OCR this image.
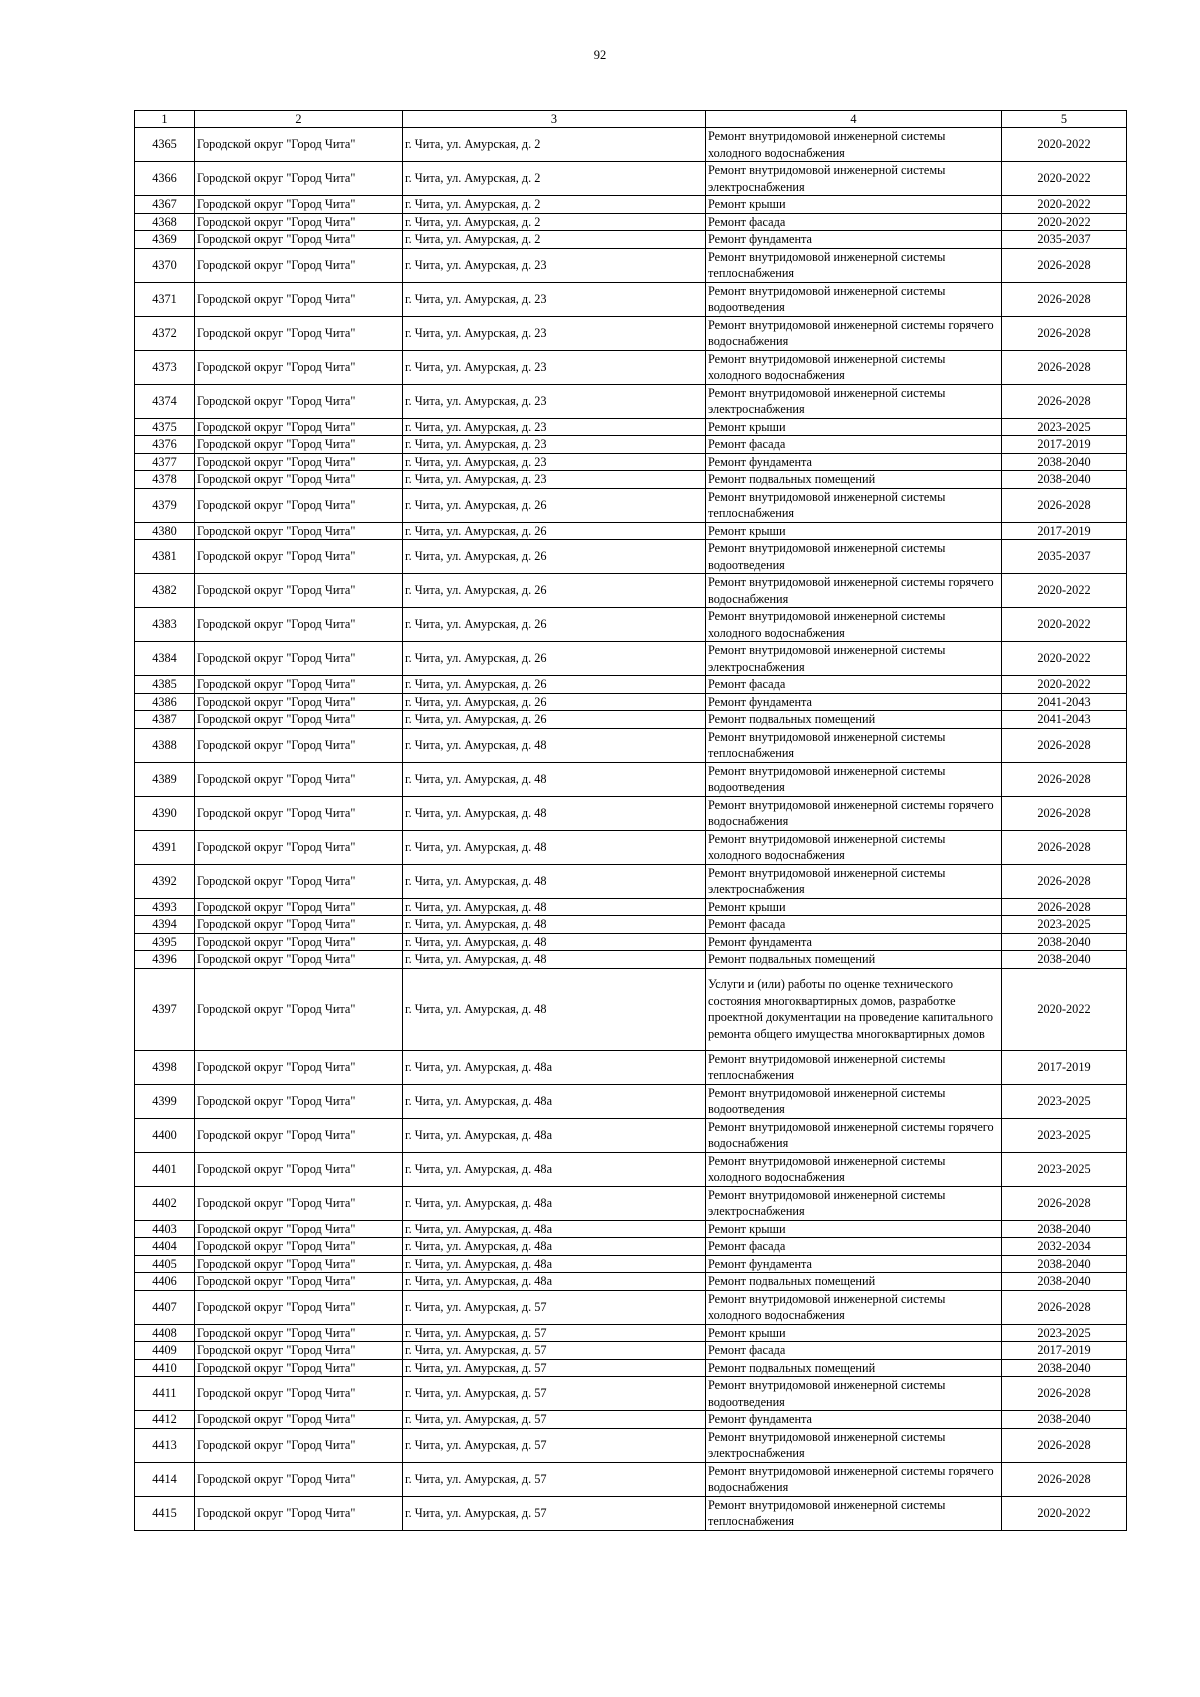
92
1	2	3	4	5
4365	Городской округ "Город Чита"	г. Чита, ул. Амурская, д. 2	Ремонт внутридомовой инженерной системы холодного водоснабжения	2020-2022
4366	Городской округ "Город Чита"	г. Чита, ул. Амурская, д. 2	Ремонт внутридомовой инженерной системы электроснабжения	2020-2022
4367	Городской округ "Город Чита"	г. Чита, ул. Амурская, д. 2	Ремонт крыши	2020-2022
4368	Городской округ "Город Чита"	г. Чита, ул. Амурская, д. 2	Ремонт фасада	2020-2022
4369	Городской округ "Город Чита"	г. Чита, ул. Амурская, д. 2	Ремонт фундамента	2035-2037
4370	Городской округ "Город Чита"	г. Чита, ул. Амурская, д. 23	Ремонт внутридомовой инженерной системы теплоснабжения	2026-2028
4371	Городской округ "Город Чита"	г. Чита, ул. Амурская, д. 23	Ремонт внутридомовой инженерной системы водоотведения	2026-2028
4372	Городской округ "Город Чита"	г. Чита, ул. Амурская, д. 23	Ремонт внутридомовой инженерной системы горячего водоснабжения	2026-2028
4373	Городской округ "Город Чита"	г. Чита, ул. Амурская, д. 23	Ремонт внутридомовой инженерной системы холодного водоснабжения	2026-2028
4374	Городской округ "Город Чита"	г. Чита, ул. Амурская, д. 23	Ремонт внутридомовой инженерной системы электроснабжения	2026-2028
4375	Городской округ "Город Чита"	г. Чита, ул. Амурская, д. 23	Ремонт крыши	2023-2025
4376	Городской округ "Город Чита"	г. Чита, ул. Амурская, д. 23	Ремонт фасада	2017-2019
4377	Городской округ "Город Чита"	г. Чита, ул. Амурская, д. 23	Ремонт фундамента	2038-2040
4378	Городской округ "Город Чита"	г. Чита, ул. Амурская, д. 23	Ремонт подвальных помещений	2038-2040
4379	Городской округ "Город Чита"	г. Чита, ул. Амурская, д. 26	Ремонт внутридомовой инженерной системы теплоснабжения	2026-2028
4380	Городской округ "Город Чита"	г. Чита, ул. Амурская, д. 26	Ремонт крыши	2017-2019
4381	Городской округ "Город Чита"	г. Чита, ул. Амурская, д. 26	Ремонт внутридомовой инженерной системы водоотведения	2035-2037
4382	Городской округ "Город Чита"	г. Чита, ул. Амурская, д. 26	Ремонт внутридомовой инженерной системы горячего водоснабжения	2020-2022
4383	Городской округ "Город Чита"	г. Чита, ул. Амурская, д. 26	Ремонт внутридомовой инженерной системы холодного водоснабжения	2020-2022
4384	Городской округ "Город Чита"	г. Чита, ул. Амурская, д. 26	Ремонт внутридомовой инженерной системы электроснабжения	2020-2022
4385	Городской округ "Город Чита"	г. Чита, ул. Амурская, д. 26	Ремонт фасада	2020-2022
4386	Городской округ "Город Чита"	г. Чита, ул. Амурская, д. 26	Ремонт фундамента	2041-2043
4387	Городской округ "Город Чита"	г. Чита, ул. Амурская, д. 26	Ремонт подвальных помещений	2041-2043
4388	Городской округ "Город Чита"	г. Чита, ул. Амурская, д. 48	Ремонт внутридомовой инженерной системы теплоснабжения	2026-2028
4389	Городской округ "Город Чита"	г. Чита, ул. Амурская, д. 48	Ремонт внутридомовой инженерной системы водоотведения	2026-2028
4390	Городской округ "Город Чита"	г. Чита, ул. Амурская, д. 48	Ремонт внутридомовой инженерной системы горячего водоснабжения	2026-2028
4391	Городской округ "Город Чита"	г. Чита, ул. Амурская, д. 48	Ремонт внутридомовой инженерной системы холодного водоснабжения	2026-2028
4392	Городской округ "Город Чита"	г. Чита, ул. Амурская, д. 48	Ремонт внутридомовой инженерной системы электроснабжения	2026-2028
4393	Городской округ "Город Чита"	г. Чита, ул. Амурская, д. 48	Ремонт крыши	2026-2028
4394	Городской округ "Город Чита"	г. Чита, ул. Амурская, д. 48	Ремонт фасада	2023-2025
4395	Городской округ "Город Чита"	г. Чита, ул. Амурская, д. 48	Ремонт фундамента	2038-2040
4396	Городской округ "Город Чита"	г. Чита, ул. Амурская, д. 48	Ремонт подвальных помещений	2038-2040
4397	Городской округ "Город Чита"	г. Чита, ул. Амурская, д. 48	Услуги и (или) работы по оценке технического состояния многоквартирных домов, разработке проектной документации на проведение капитального ремонта общего имущества многоквартирных домов	2020-2022
4398	Городской округ "Город Чита"	г. Чита, ул. Амурская, д. 48а	Ремонт внутридомовой инженерной системы теплоснабжения	2017-2019
4399	Городской округ "Город Чита"	г. Чита, ул. Амурская, д. 48а	Ремонт внутридомовой инженерной системы водоотведения	2023-2025
4400	Городской округ "Город Чита"	г. Чита, ул. Амурская, д. 48а	Ремонт внутридомовой инженерной системы горячего водоснабжения	2023-2025
4401	Городской округ "Город Чита"	г. Чита, ул. Амурская, д. 48а	Ремонт внутридомовой инженерной системы холодного водоснабжения	2023-2025
4402	Городской округ "Город Чита"	г. Чита, ул. Амурская, д. 48а	Ремонт внутридомовой инженерной системы электроснабжения	2026-2028
4403	Городской округ "Город Чита"	г. Чита, ул. Амурская, д. 48а	Ремонт крыши	2038-2040
4404	Городской округ "Город Чита"	г. Чита, ул. Амурская, д. 48а	Ремонт фасада	2032-2034
4405	Городской округ "Город Чита"	г. Чита, ул. Амурская, д. 48а	Ремонт фундамента	2038-2040
4406	Городской округ "Город Чита"	г. Чита, ул. Амурская, д. 48а	Ремонт подвальных помещений	2038-2040
4407	Городской округ "Город Чита"	г. Чита, ул. Амурская, д. 57	Ремонт внутридомовой инженерной системы холодного водоснабжения	2026-2028
4408	Городской округ "Город Чита"	г. Чита, ул. Амурская, д. 57	Ремонт крыши	2023-2025
4409	Городской округ "Город Чита"	г. Чита, ул. Амурская, д. 57	Ремонт фасада	2017-2019
4410	Городской округ "Город Чита"	г. Чита, ул. Амурская, д. 57	Ремонт подвальных помещений	2038-2040
4411	Городской округ "Город Чита"	г. Чита, ул. Амурская, д. 57	Ремонт внутридомовой инженерной системы водоотведения	2026-2028
4412	Городской округ "Город Чита"	г. Чита, ул. Амурская, д. 57	Ремонт фундамента	2038-2040
4413	Городской округ "Город Чита"	г. Чита, ул. Амурская, д. 57	Ремонт внутридомовой инженерной системы электроснабжения	2026-2028
4414	Городской округ "Город Чита"	г. Чита, ул. Амурская, д. 57	Ремонт внутридомовой инженерной системы горячего водоснабжения	2026-2028
4415	Городской округ "Город Чита"	г. Чита, ул. Амурская, д. 57	Ремонт внутридомовой инженерной системы теплоснабжения	2020-2022
